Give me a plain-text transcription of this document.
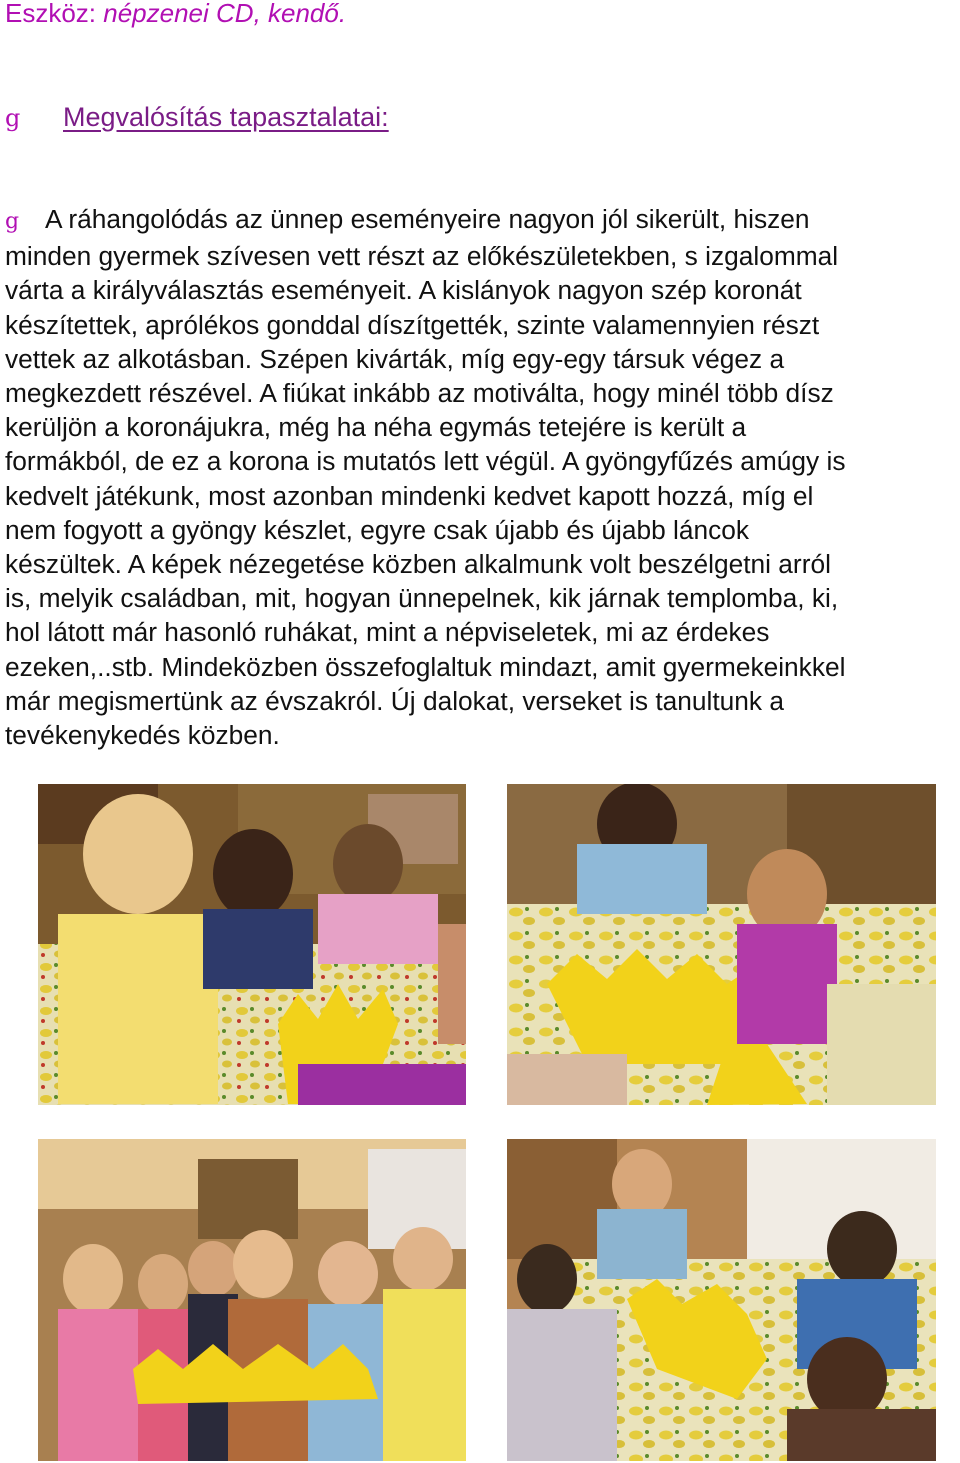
Eszköz: népzenei CD, kendő.
g Megvalósítás tapasztalatai:
g A ráhangolódás az ünnep eseményeire nagyon jól sikerült, hiszen
minden gyermek szívesen vett részt az előkészületekben, s izgalommal
várta a királyválasztás eseményeit. A kislányok nagyon szép koronát
készítettek, aprólékos gonddal díszítgették, szinte valamennyien részt
vettek az alkotásban. Szépen kivárták, míg egy-egy társuk végez a
megkezdett részével. A fiúkat inkább az motiválta, hogy minél több dísz
kerüljön a koronájukra, még ha néha egymás tetejére is került a
formákból, de ez a korona is mutatós lett végül. A gyöngyfűzés amúgy is
kedvelt játékunk, most azonban mindenki kedvet kapott hozzá, míg el
nem fogyott a gyöngy készlet, egyre csak újabb és újabb láncok
készültek. A képek nézegetése közben alkalmunk volt beszélgetni arról
is, melyik családban, mit, hogyan ünnepelnek, kik járnak templomba, ki,
hol látott már hasonló ruhákat, mint a népviseletek, mi az érdekes
ezeken,..stb. Mindeközben összefoglaltuk mindazt, amit gyermekeinkkel
már megismertünk az évszakról. Új dalokat, verseket is tanultunk a
tevékenykedés közben.
